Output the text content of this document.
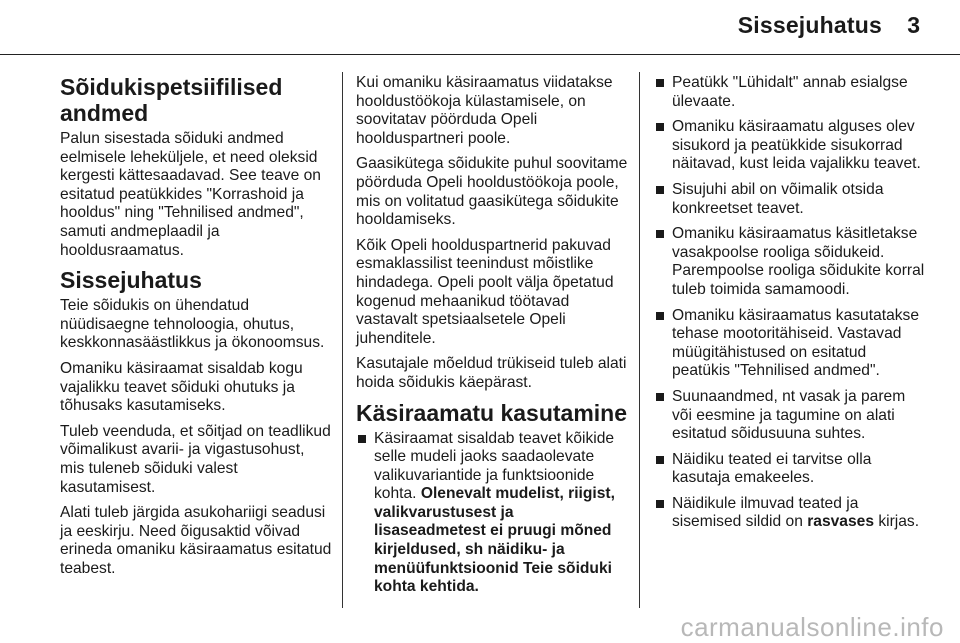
Sissejuhatus 3
Sõidukispetsiifilised andmed

Palun sisestada sõiduki andmed eelmisele leheküljele, et need oleksid kergesti kättesaadavad. See teave on esitatud peatükkides "Korrashoid ja hooldus" ning "Tehnilised andmed", samuti andmeplaadil ja hooldusraamatus.

Sissejuhatus

Teie sõidukis on ühendatud nüüdisaegne tehnoloogia, ohutus, keskkonnasäästlikkus ja ökonoomsus.

Omaniku käsiraamat sisaldab kogu vajalikku teavet sõiduki ohutuks ja tõhusaks kasutamiseks.

Tuleb veenduda, et sõitjad on teadlikud võimalikust avarii- ja vigastusohust, mis tuleneb sõiduki valest kasutamisest.

Alati tuleb järgida asukohariigi seadusi ja eeskirju. Need õigusaktid võivad erineda omaniku käsiraamatus esitatud teabest.

Kui omaniku käsiraamatus viidatakse hooldustöökoja külastamisele, on soovitatav pöörduda Opeli hoolduspartneri poole.

Gaasikütega sõidukite puhul soovitame pöörduda Opeli hooldustöökoja poole, mis on volitatud gaasikütega sõidukite hooldamiseks.

Kõik Opeli hoolduspartnerid pakuvad esmaklassilist teenindust mõistlike hindadega. Opeli poolt välja õpetatud kogenud mehaanikud töötavad vastavalt spetsiaalsetele Opeli juhenditele.

Kasutajale mõeldud trükiseid tuleb alati hoida sõidukis käepärast.

Käsiraamatu kasutamine
Käsiraamat sisaldab teavet kõikide selle mudeli jaoks saadaolevate valikuvariantide ja funktsioonide kohta. Olenevalt mudelist, riigist, valikvarustusest ja lisaseadmetest ei pruugi mõned kirjeldused, sh näidiku- ja menüüfunktsioonid Teie sõiduki kohta kehtida.
Peatükk "Lühidalt" annab esialgse ülevaate.
Omaniku käsiraamatu alguses olev sisukord ja peatükkide sisukorrad näitavad, kust leida vajalikku teavet.
Sisujuhi abil on võimalik otsida konkreetset teavet.
Omaniku käsiraamatus käsitletakse vasakpoolse rooliga sõidukeid. Parempoolse rooliga sõidukite korral tuleb toimida samamoodi.
Omaniku käsiraamatus kasutatakse tehase mootoritähiseid. Vastavad müügitähistused on esitatud peatükis "Tehnilised andmed".
Suunaandmed, nt vasak ja parem või eesmine ja tagumine on alati esitatud sõidusuuna suhtes.
Näidiku teated ei tarvitse olla kasutaja emakeeles.
Näidikule ilmuvad teated ja sisemised sildid on rasvases kirjas.
carmanualsonline.info
